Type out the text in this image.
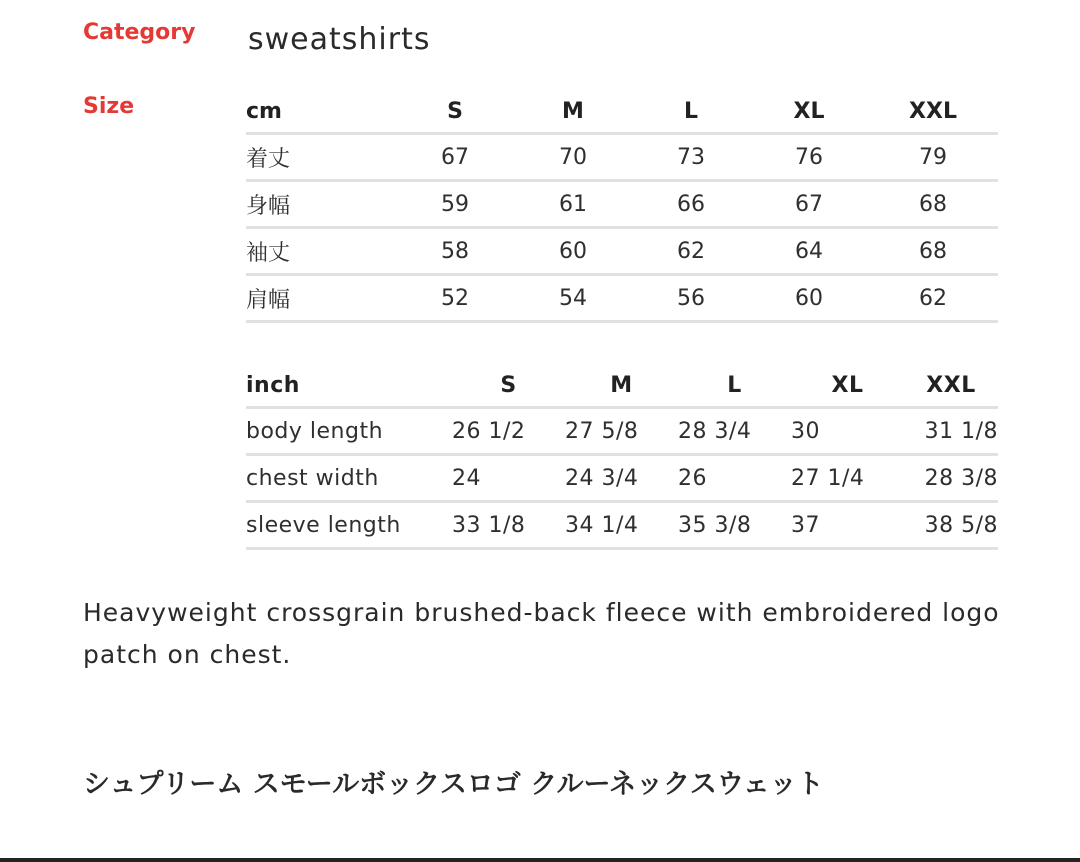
Category sweatshirts
Size	cm	S	M	L	XL	XXL
着丈	67	70	73	76	79
身幅	59	61	66	67	68
袖丈	58	60	62	64	68
肩幅	52	54	56	60	62
inch	S	M	L	XL	XXL
body length	26 1/2	27 5/8	28 3/4	30	31 1/8
chest width	24	24 3/4	26	27 1/4	28 3/8
sleeve length	33 1/8	34 1/4	35 3/8	37	38 5/8
Heavyweight crossgrain brushed-back fleece with embroidered logo patch on chest.
シュプリーム スモールボックスロゴ クルーネックスウェット
